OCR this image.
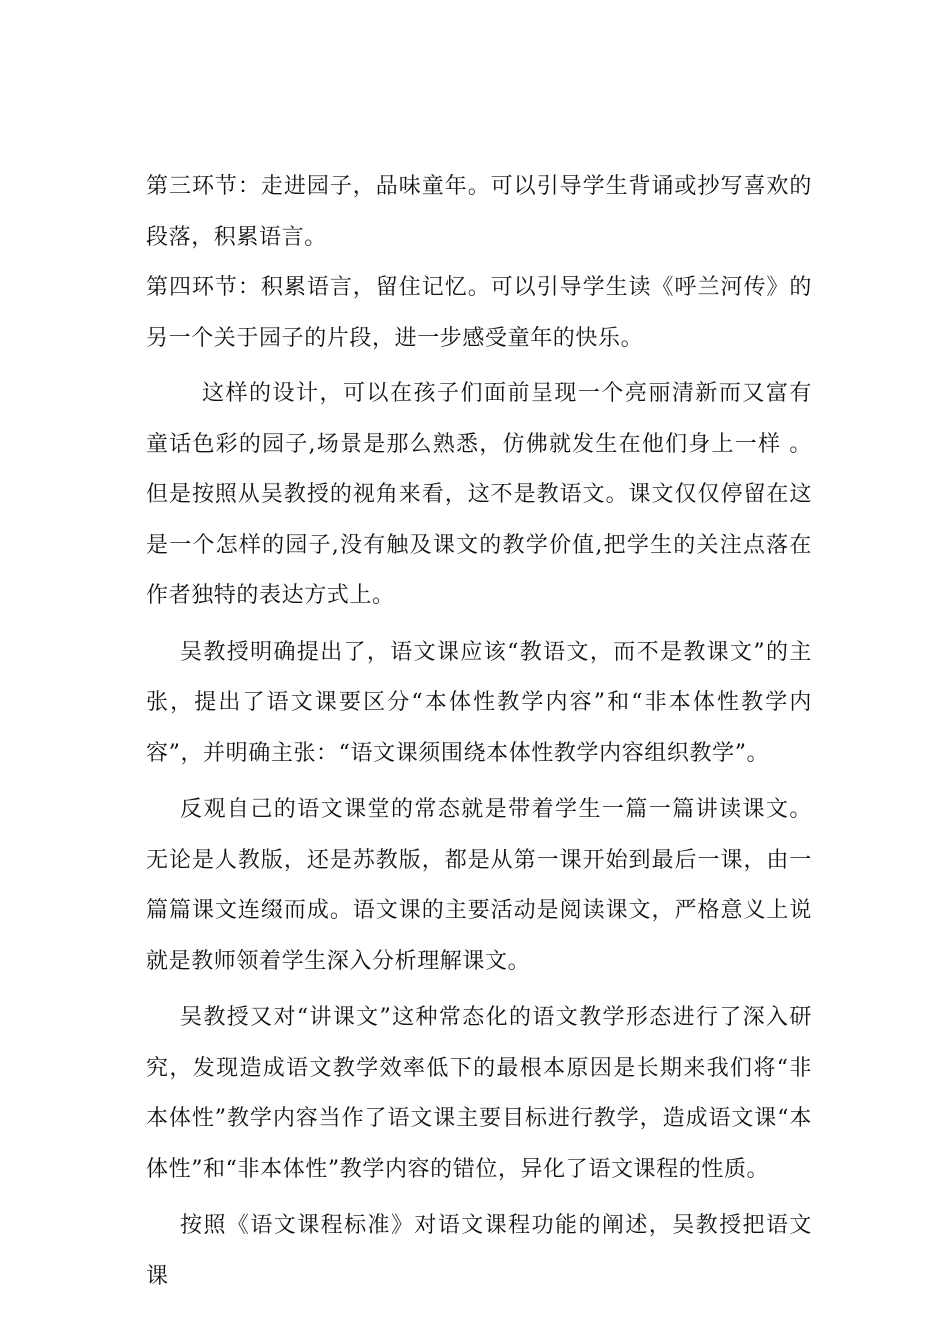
第三环节：走进园子，品味童年。可以引导学生背诵或抄写喜欢的段落，积累语言。

第四环节：积累语言，留住记忆。可以引导学生读《呼兰河传》的另一个关于园子的片段，进一步感受童年的快乐。

这样的设计，可以在孩子们面前呈现一个亮丽清新而又富有童话色彩的园子,场景是那么熟悉，仿佛就发生在他们身上一样 。但是按照从吴教授的视角来看，这不是教语文。课文仅仅停留在这是一个怎样的园子,没有触及课文的教学价值,把学生的关注点落在作者独特的表达方式上。

吴教授明确提出了，语文课应该“教语文，而不是教课文”的主张，提出了语文课要区分“本体性教学内容”和“非本体性教学内容”，并明确主张：“语文课须围绕本体性教学内容组织教学”。

反观自己的语文课堂的常态就是带着学生一篇一篇讲读课文。无论是人教版，还是苏教版，都是从第一课开始到最后一课，由一篇篇课文连缀而成。语文课的主要活动是阅读课文，严格意义上说就是教师领着学生深入分析理解课文。

吴教授又对“讲课文”这种常态化的语文教学形态进行了深入研究，发现造成语文教学效率低下的最根本原因是长期来我们将“非本体性”教学内容当作了语文课主要目标进行教学，造成语文课“本体性”和“非本体性”教学内容的错位，异化了语文课程的性质。

按照《语文课程标准》对语文课程功能的阐述，吴教授把语文课
